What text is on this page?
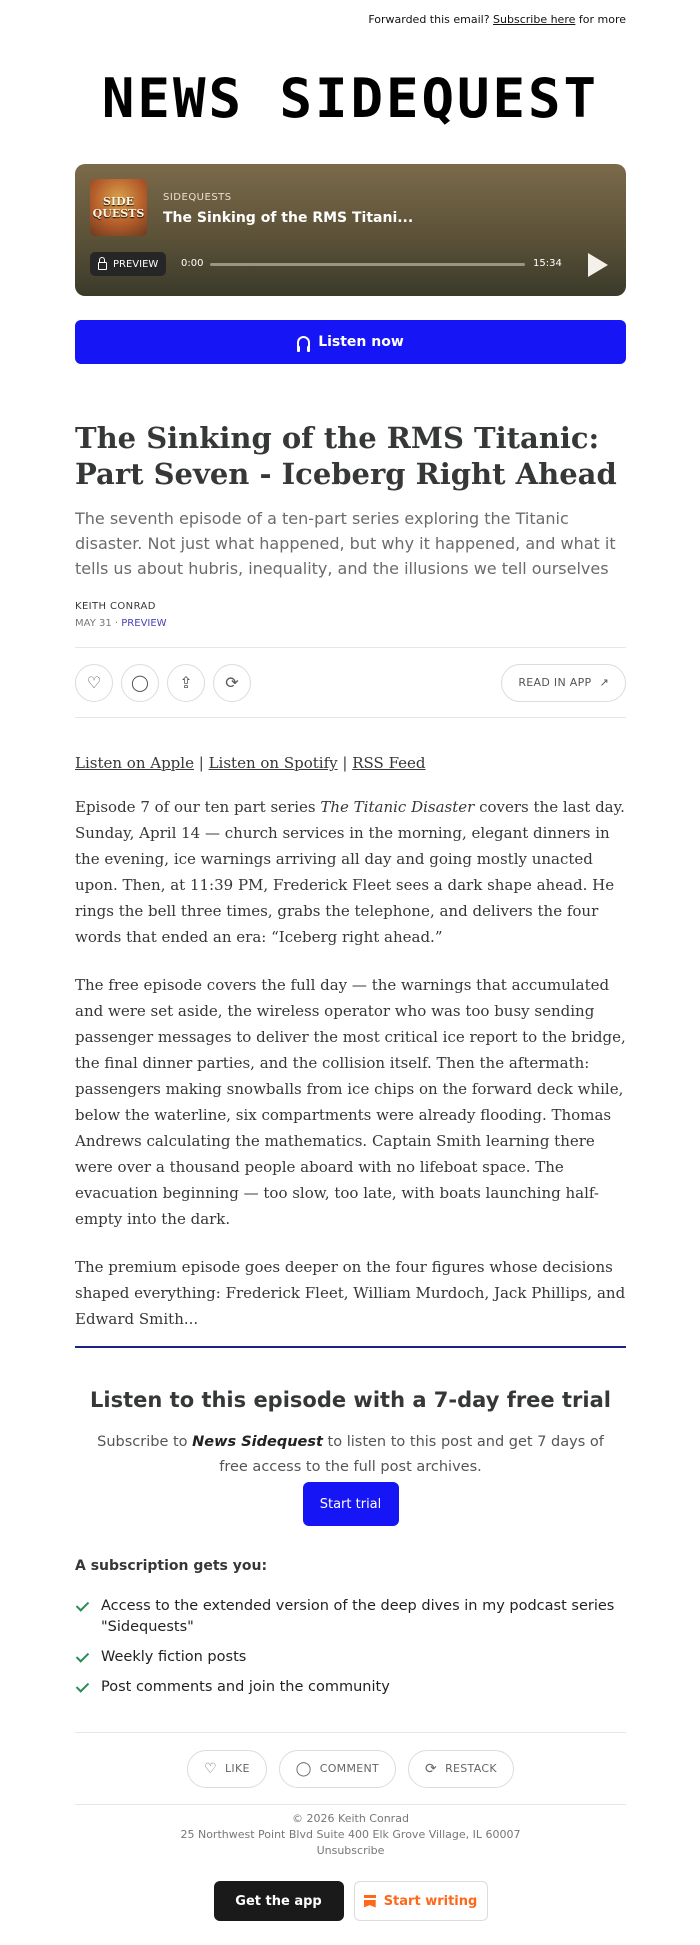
Forwarded this email? Subscribe here for more
NEWS SIDEQUEST
SIDE QUESTS
SIDEQUESTS
The Sinking of the RMS Titani...
PREVIEW 0:00	15:34
Listen now
The Sinking of the RMS Titanic: Part Seven - Iceberg Right Ahead
The seventh episode of a ten-part series exploring the Titanic disaster. Not just what happened, but why it happened, and what it tells us about hubris, inequality, and the illusions we tell ourselves
KEITH CONRAD
MAY 31 · PREVIEW
♡ ◯ ⇪ ⟳	READ IN APP ↗
Listen on Apple | Listen on Spotify | RSS Feed

Episode 7 of our ten part series The Titanic Disaster covers the last day. Sunday, April 14 — church services in the morning, elegant dinners in the evening, ice warnings arriving all day and going mostly unacted upon. Then, at 11:39 PM, Frederick Fleet sees a dark shape ahead. He rings the bell three times, grabs the telephone, and delivers the four words that ended an era: “Iceberg right ahead.”

The free episode covers the full day — the warnings that accumulated and were set aside, the wireless operator who was too busy sending passenger messages to deliver the most critical ice report to the bridge, the final dinner parties, and the collision itself. Then the aftermath: passengers making snowballs from ice chips on the forward deck while, below the waterline, six compartments were already flooding. Thomas Andrews calculating the mathematics. Captain Smith learning there were over a thousand people aboard with no lifeboat space. The evacuation beginning — too slow, too late, with boats launching half-empty into the dark.

The premium episode goes deeper on the four figures whose decisions shaped everything: Frederick Fleet, William Murdoch, Jack Phillips, and Edward Smith...

Listen to this episode with a 7-day free trial
Subscribe to News Sidequest to listen to this post and get 7 days of free access to the full post archives.
Start trial
A subscription gets you:
Access to the extended version of the deep dives in my podcast series "Sidequests"
Weekly fiction posts
Post comments and join the community
♡ LIKE	◯ COMMENT	⟳ RESTACK
© 2026 Keith Conrad
25 Northwest Point Blvd Suite 400 Elk Grove Village, IL 60007
Unsubscribe
Get the app	Start writing
